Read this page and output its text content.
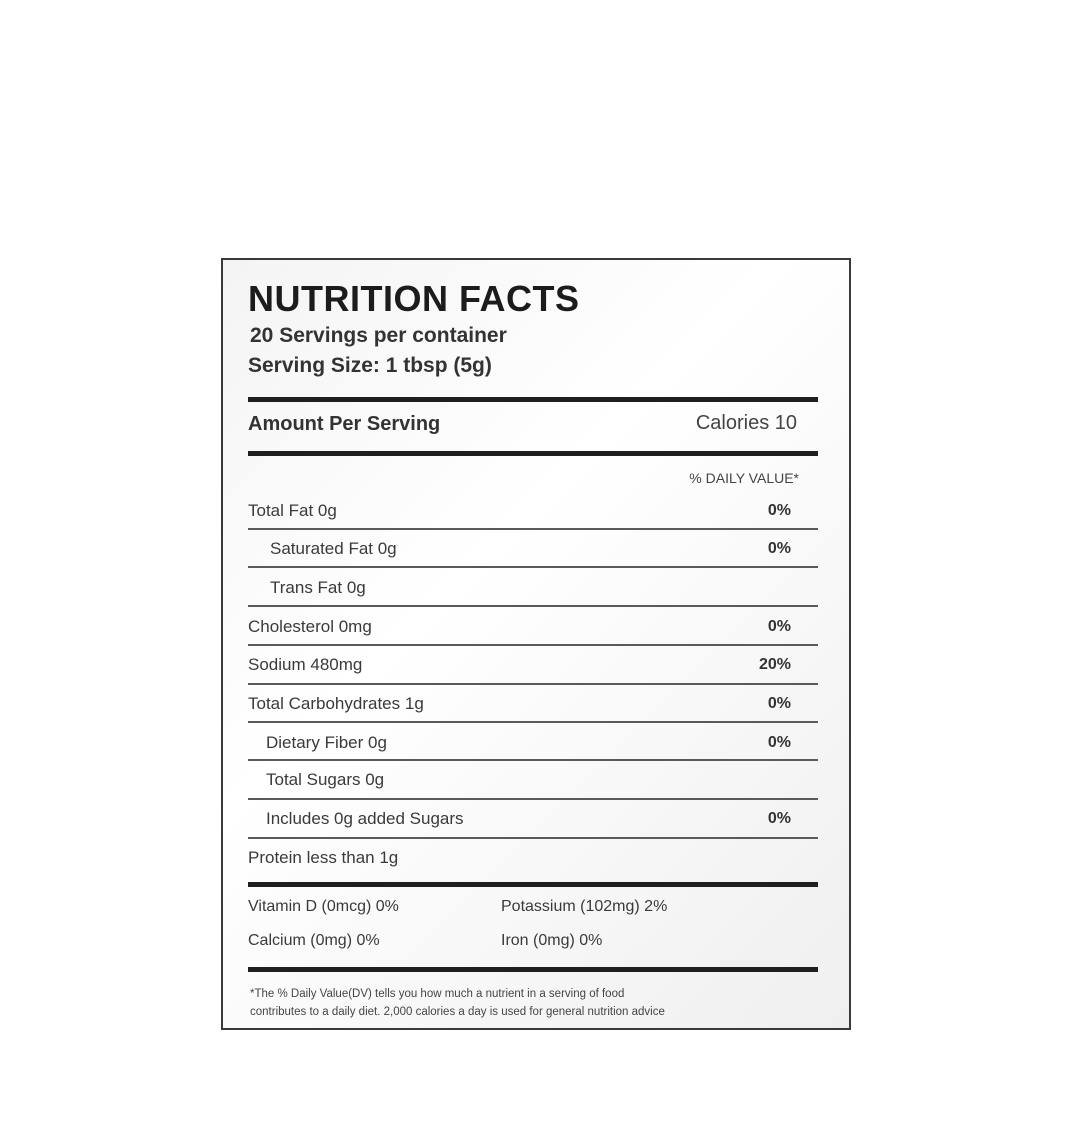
NUTRITION FACTS
20 Servings per container
Serving Size: 1 tbsp (5g)
Amount Per Serving	Calories 10
% DAILY VALUE*
Total Fat 0g	0%
Saturated Fat 0g	0%
Trans Fat 0g
Cholesterol 0mg	0%
Sodium 480mg	20%
Total Carbohydrates 1g	0%
Dietary Fiber 0g	0%
Total Sugars 0g
Includes 0g added Sugars	0%
Protein less than 1g
Vitamin D (0mcg) 0%	Potassium (102mg) 2%
Calcium (0mg) 0%	Iron (0mg) 0%
*The % Daily Value(DV) tells you how much a nutrient in a serving of food
contributes to a daily diet. 2,000 calories a day is used for general nutrition advice
